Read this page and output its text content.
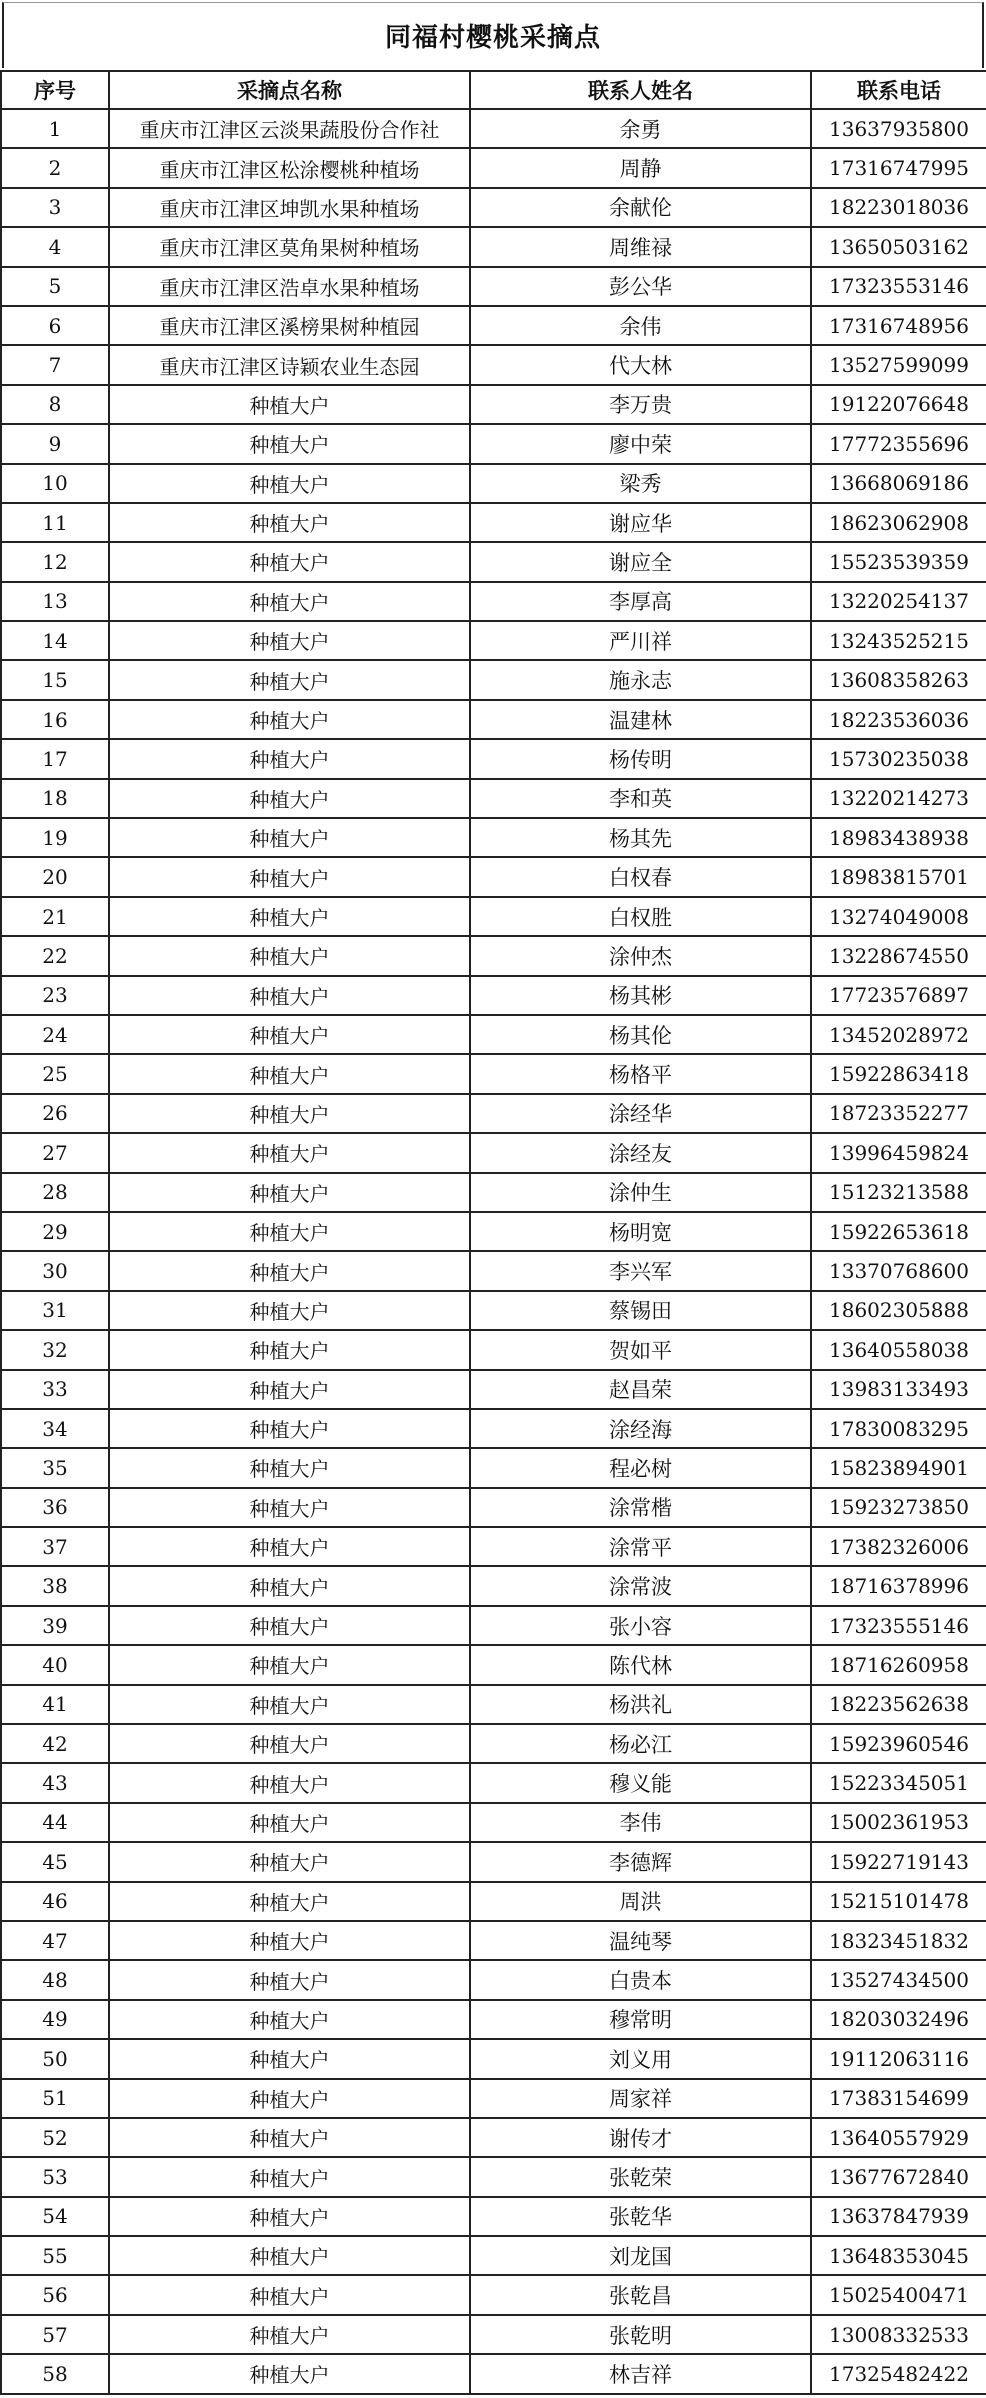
同福村樱桃采摘点
序号	采摘点名称	联系人姓名	联系电话
1	重庆市江津区云淡果蔬股份合作社	余勇	13637935800
2	重庆市江津区松涂樱桃种植场	周静	17316747995
3	重庆市江津区坤凯水果种植场	余献伦	18223018036
4	重庆市江津区莫角果树种植场	周维禄	13650503162
5	重庆市江津区浩卓水果种植场	彭公华	17323553146
6	重庆市江津区溪榜果树种植园	余伟	17316748956
7	重庆市江津区诗颖农业生态园	代大林	13527599099
8	种植大户	李万贵	19122076648
9	种植大户	廖中荣	17772355696
10	种植大户	梁秀	13668069186
11	种植大户	谢应华	18623062908
12	种植大户	谢应全	15523539359
13	种植大户	李厚高	13220254137
14	种植大户	严川祥	13243525215
15	种植大户	施永志	13608358263
16	种植大户	温建林	18223536036
17	种植大户	杨传明	15730235038
18	种植大户	李和英	13220214273
19	种植大户	杨其先	18983438938
20	种植大户	白权春	18983815701
21	种植大户	白权胜	13274049008
22	种植大户	涂仲杰	13228674550
23	种植大户	杨其彬	17723576897
24	种植大户	杨其伦	13452028972
25	种植大户	杨格平	15922863418
26	种植大户	涂经华	18723352277
27	种植大户	涂经友	13996459824
28	种植大户	涂仲生	15123213588
29	种植大户	杨明宽	15922653618
30	种植大户	李兴军	13370768600
31	种植大户	蔡锡田	18602305888
32	种植大户	贺如平	13640558038
33	种植大户	赵昌荣	13983133493
34	种植大户	涂经海	17830083295
35	种植大户	程必树	15823894901
36	种植大户	涂常楷	15923273850
37	种植大户	涂常平	17382326006
38	种植大户	涂常波	18716378996
39	种植大户	张小容	17323555146
40	种植大户	陈代林	18716260958
41	种植大户	杨洪礼	18223562638
42	种植大户	杨必江	15923960546
43	种植大户	穆义能	15223345051
44	种植大户	李伟	15002361953
45	种植大户	李德辉	15922719143
46	种植大户	周洪	15215101478
47	种植大户	温纯琴	18323451832
48	种植大户	白贵本	13527434500
49	种植大户	穆常明	18203032496
50	种植大户	刘义用	19112063116
51	种植大户	周家祥	17383154699
52	种植大户	谢传才	13640557929
53	种植大户	张乾荣	13677672840
54	种植大户	张乾华	13637847939
55	种植大户	刘龙国	13648353045
56	种植大户	张乾昌	15025400471
57	种植大户	张乾明	13008332533
58	种植大户	林吉祥	17325482422
